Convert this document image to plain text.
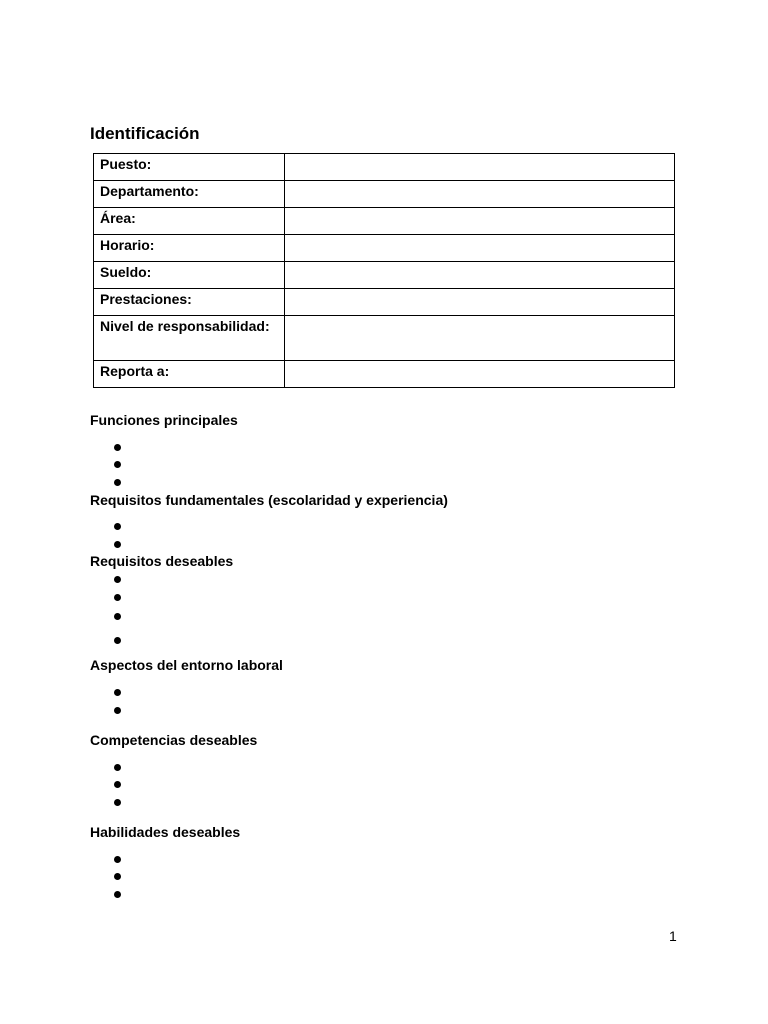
Identificación
Puesto:	
Departamento:	
Área:	
Horario:	
Sueldo:	
Prestaciones:	
Nivel de responsabilidad:	
Reporta a:	
Funciones principales
Requisitos fundamentales (escolaridad y experiencia)
Requisitos deseables
Aspectos del entorno laboral
Competencias deseables
Habilidades deseables
1
